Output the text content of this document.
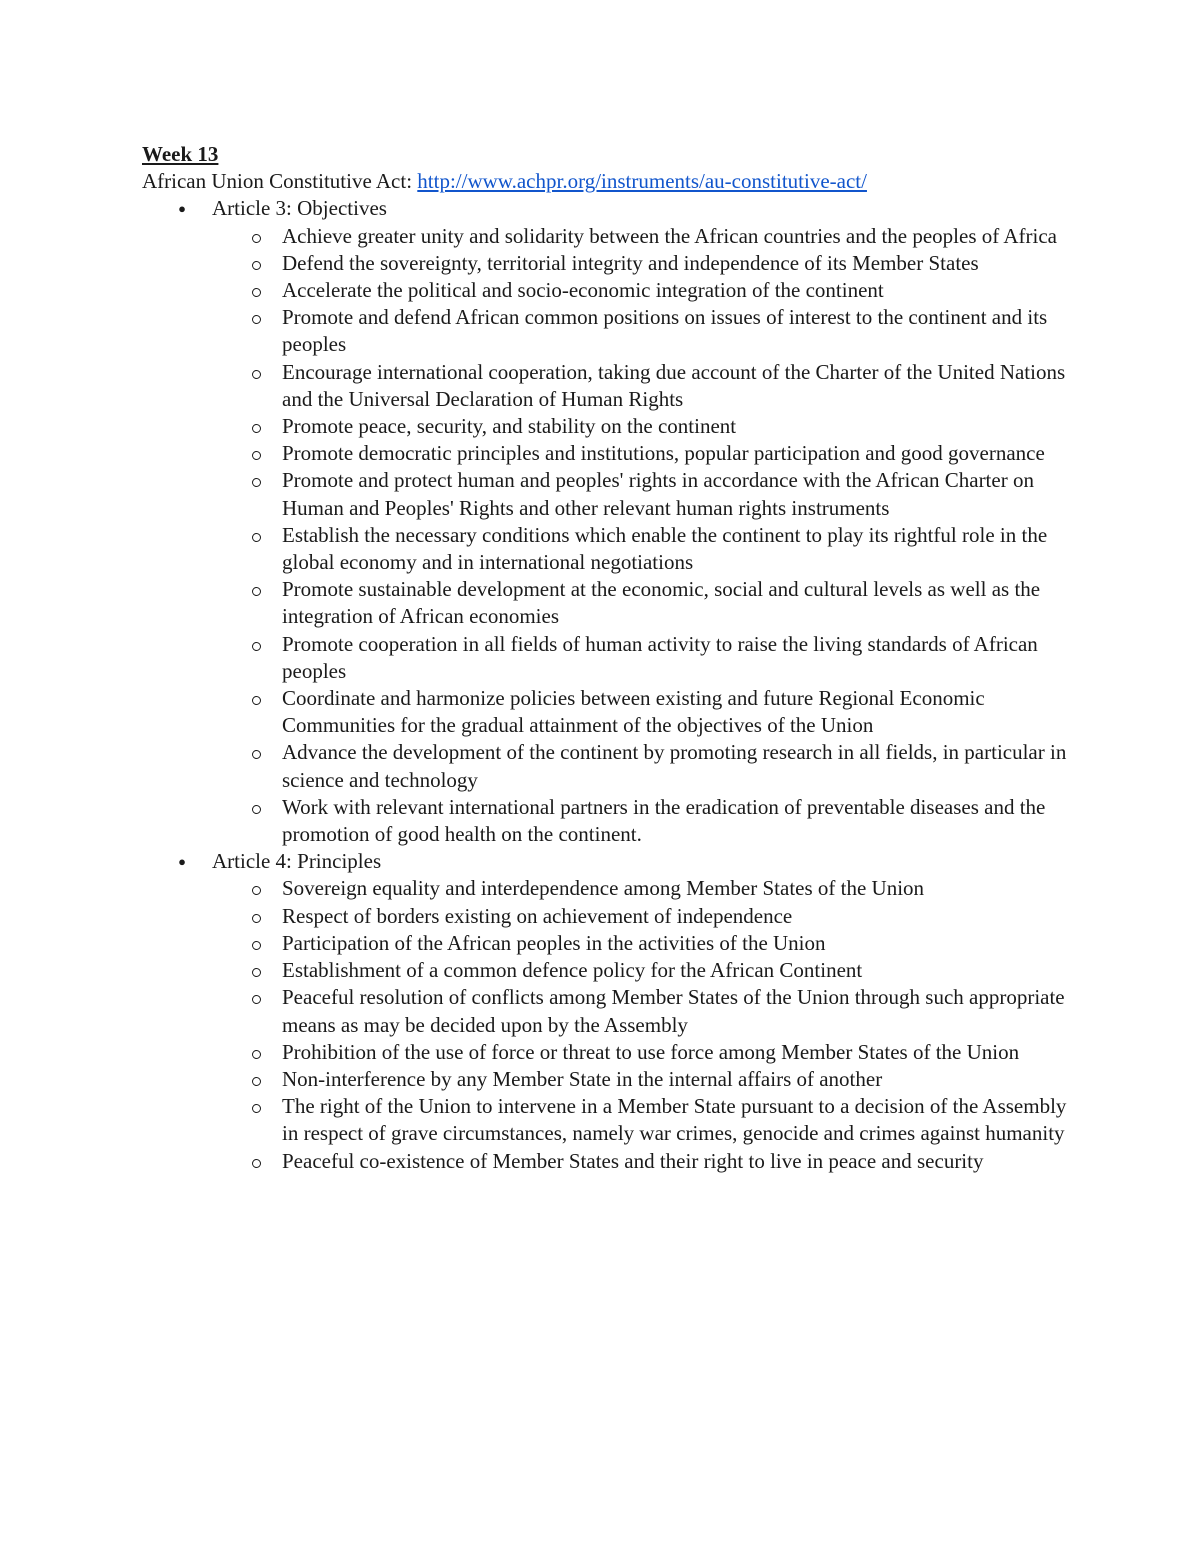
Week 13

African Union Constitutive Act: http://www.achpr.org/instruments/au-constitutive-act/

● Article 3: Objectives
Achieve greater unity and solidarity between the African countries and the peoples of Africa
Defend the sovereignty, territorial integrity and independence of its Member States
Accelerate the political and socio-economic integration of the continent
Promote and defend African common positions on issues of interest to the continent and its peoples
Encourage international cooperation, taking due account of the Charter of the United Nations and the Universal Declaration of Human Rights
Promote peace, security, and stability on the continent
Promote democratic principles and institutions, popular participation and good governance
Promote and protect human and peoples' rights in accordance with the African Charter on Human and Peoples' Rights and other relevant human rights instruments
Establish the necessary conditions which enable the continent to play its rightful role in the global economy and in international negotiations
Promote sustainable development at the economic, social and cultural levels as well as the integration of African economies
Promote cooperation in all fields of human activity to raise the living standards of African peoples
Coordinate and harmonize policies between existing and future Regional Economic Communities for the gradual attainment of the objectives of the Union
Advance the development of the continent by promoting research in all fields, in particular in science and technology
Work with relevant international partners in the eradication of preventable diseases and the promotion of good health on the continent.
● Article 4: Principles
Sovereign equality and interdependence among Member States of the Union
Respect of borders existing on achievement of independence
Participation of the African peoples in the activities of the Union
Establishment of a common defence policy for the African Continent
Peaceful resolution of conflicts among Member States of the Union through such appropriate means as may be decided upon by the Assembly
Prohibition of the use of force or threat to use force among Member States of the Union
Non-interference by any Member State in the internal affairs of another
The right of the Union to intervene in a Member State pursuant to a decision of the Assembly in respect of grave circumstances, namely war crimes, genocide and crimes against humanity
Peaceful co-existence of Member States and their right to live in peace and security
